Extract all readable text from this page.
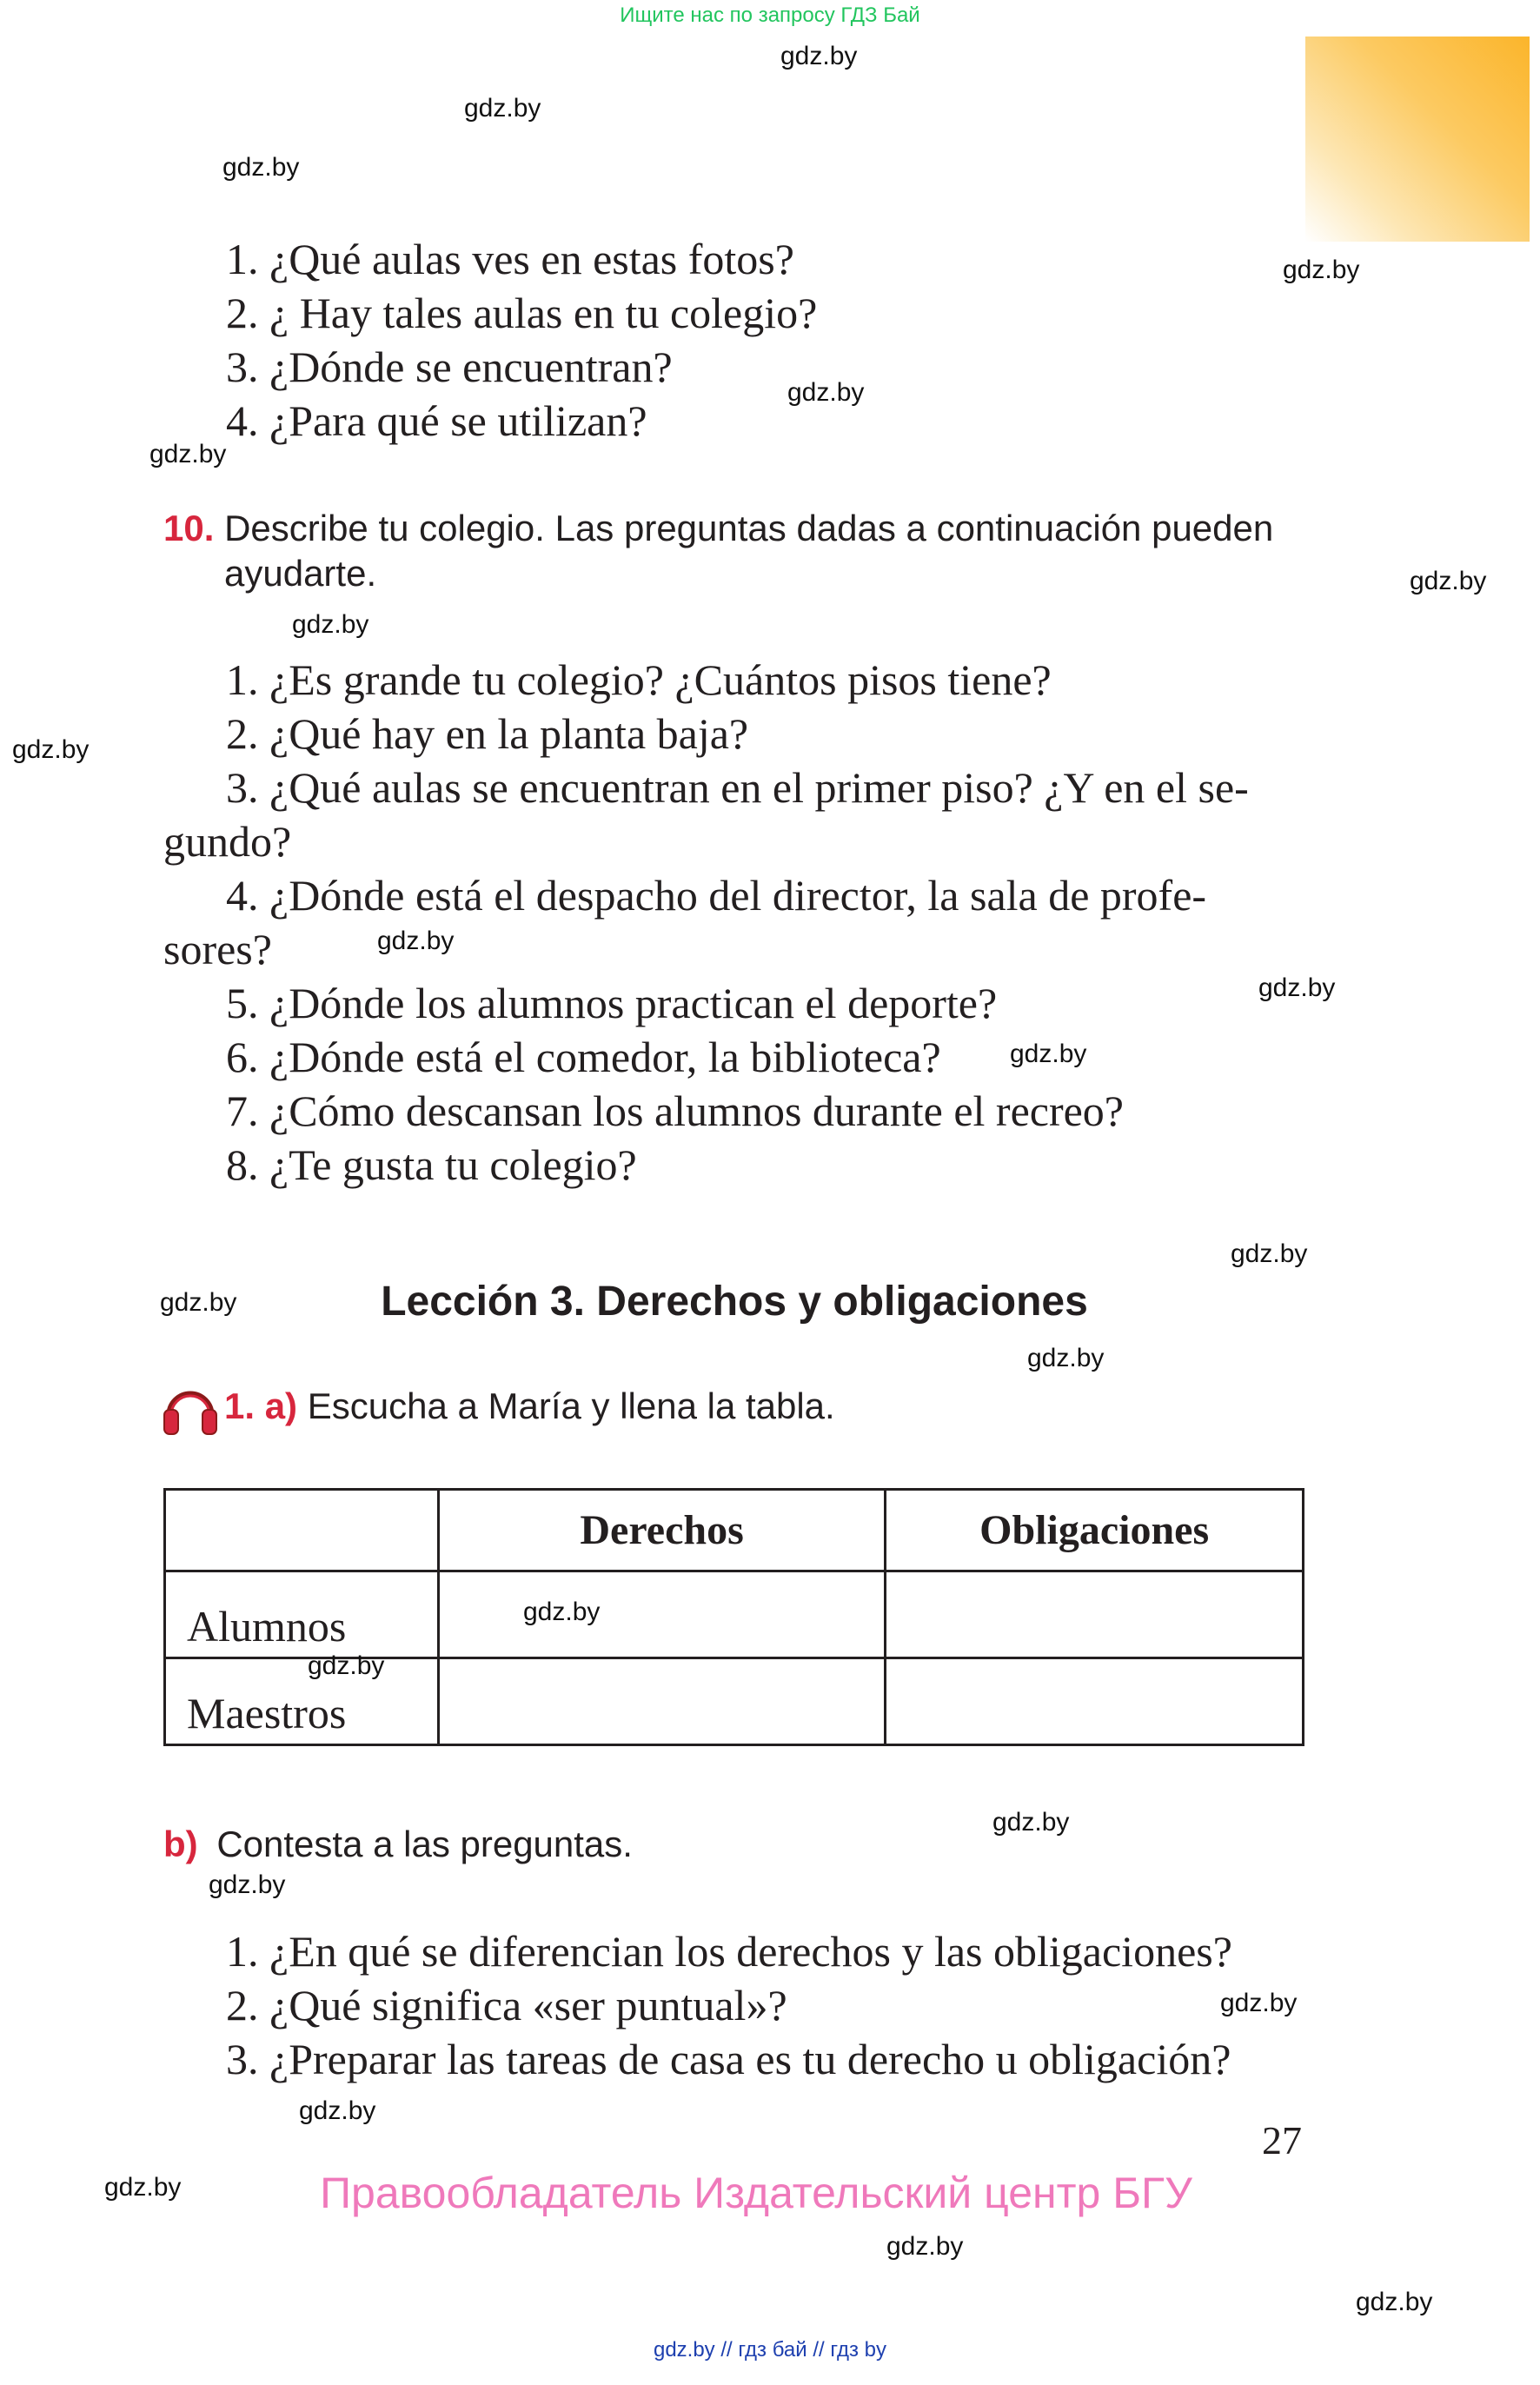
Ищите нас по запросу ГДЗ Бай
1. ¿Qué aulas ves en estas fotos?
2. ¿ Hay tales aulas en tu colegio?
3. ¿Dónde se encuentran?
4. ¿Para qué se utilizan?
10. Describe tu colegio. Las preguntas dadas a continuación pueden
ayudarte.
1. ¿Es grande tu colegio? ¿Cuántos pisos tiene?
2. ¿Qué hay en la planta baja?
3. ¿Qué aulas se encuentran en el primer piso? ¿Y en el se-
gundo?
4. ¿Dónde está el despacho del director, la sala de profe-
sores?
5. ¿Dónde los alumnos practican el deporte?
6. ¿Dónde está el comedor, la biblioteca?
7. ¿Cómo descansan los alumnos durante el recreo?
8. ¿Te gusta tu colegio?
Lección 3. Derechos y obligaciones
1. a) Escucha a María y llena la tabla.
	Derechos	Obligaciones
Alumnos		
Maestros		
b) Contesta a las preguntas.
1. ¿En qué se diferencian los derechos y las obligaciones?
2. ¿Qué significa «ser puntual»?
3. ¿Preparar las tareas de casa es tu derecho u obligación?
27
Правообладатель Издательский центр БГУ
gdz.by // гдз бай // гдз by
gdz.by
gdz.by
gdz.by
gdz.by
gdz.by
gdz.by
gdz.by
gdz.by
gdz.by
gdz.by
gdz.by
gdz.by
gdz.by
gdz.by
gdz.by
gdz.by
gdz.by
gdz.by
gdz.by
gdz.by
gdz.by
gdz.by
gdz.by
gdz.by
